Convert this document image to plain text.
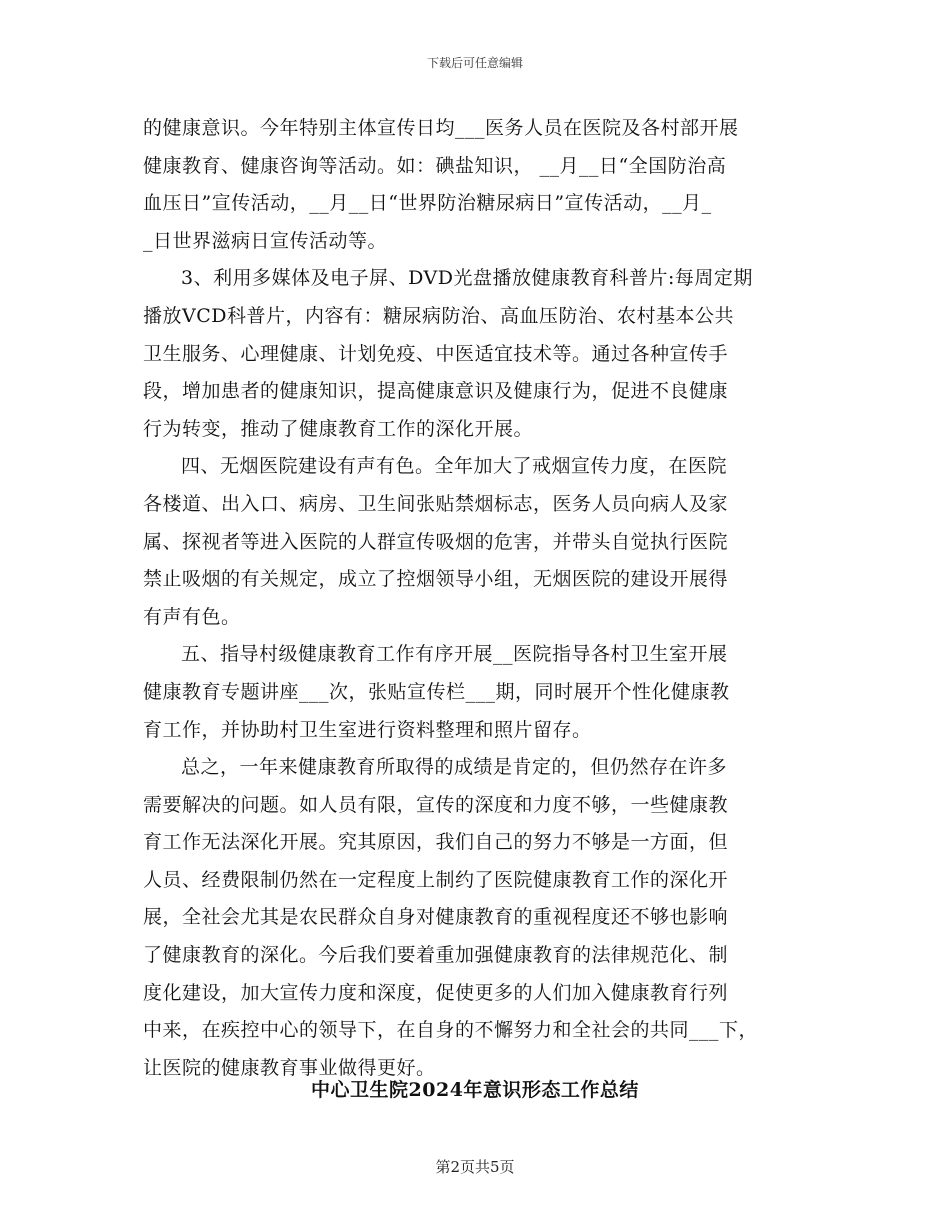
下载后可任意编辑
的健康意识。今年特别主体宣传日均___医务人员在医院及各村部开展
健康教育、健康咨询等活动。如：碘盐知识， __月__日“全国防治高
血压日”宣传活动，__月__日“世界防治糖尿病日”宣传活动，__月_
_日世界滋病日宣传活动等。
3、利用多媒体及电子屏、DVD光盘播放健康教育科普片:每周定期
播放VCD科普片，内容有：糖尿病防治、高血压防治、农村基本公共
卫生服务、心理健康、计划免疫、中医适宜技术等。通过各种宣传手
段，增加患者的健康知识，提高健康意识及健康行为，促进不良健康
行为转变，推动了健康教育工作的深化开展。
四、无烟医院建设有声有色。全年加大了戒烟宣传力度，在医院
各楼道、出入口、病房、卫生间张贴禁烟标志，医务人员向病人及家
属、探视者等进入医院的人群宣传吸烟的危害，并带头自觉执行医院
禁止吸烟的有关规定，成立了控烟领导小组，无烟医院的建设开展得
有声有色。
五、指导村级健康教育工作有序开展__医院指导各村卫生室开展
健康教育专题讲座___次，张贴宣传栏___期，同时展开个性化健康教
育工作，并协助村卫生室进行资料整理和照片留存。
总之，一年来健康教育所取得的成绩是肯定的，但仍然存在许多
需要解决的问题。如人员有限，宣传的深度和力度不够，一些健康教
育工作无法深化开展。究其原因，我们自己的努力不够是一方面，但
人员、经费限制仍然在一定程度上制约了医院健康教育工作的深化开
展，全社会尤其是农民群众自身对健康教育的重视程度还不够也影响
了健康教育的深化。今后我们要着重加强健康教育的法律规范化、制
度化建设，加大宣传力度和深度，促使更多的人们加入健康教育行列
中来，在疾控中心的领导下，在自身的不懈努力和全社会的共同___下，
让医院的健康教育事业做得更好。
中心卫生院2024年意识形态工作总结
第2页共5页
